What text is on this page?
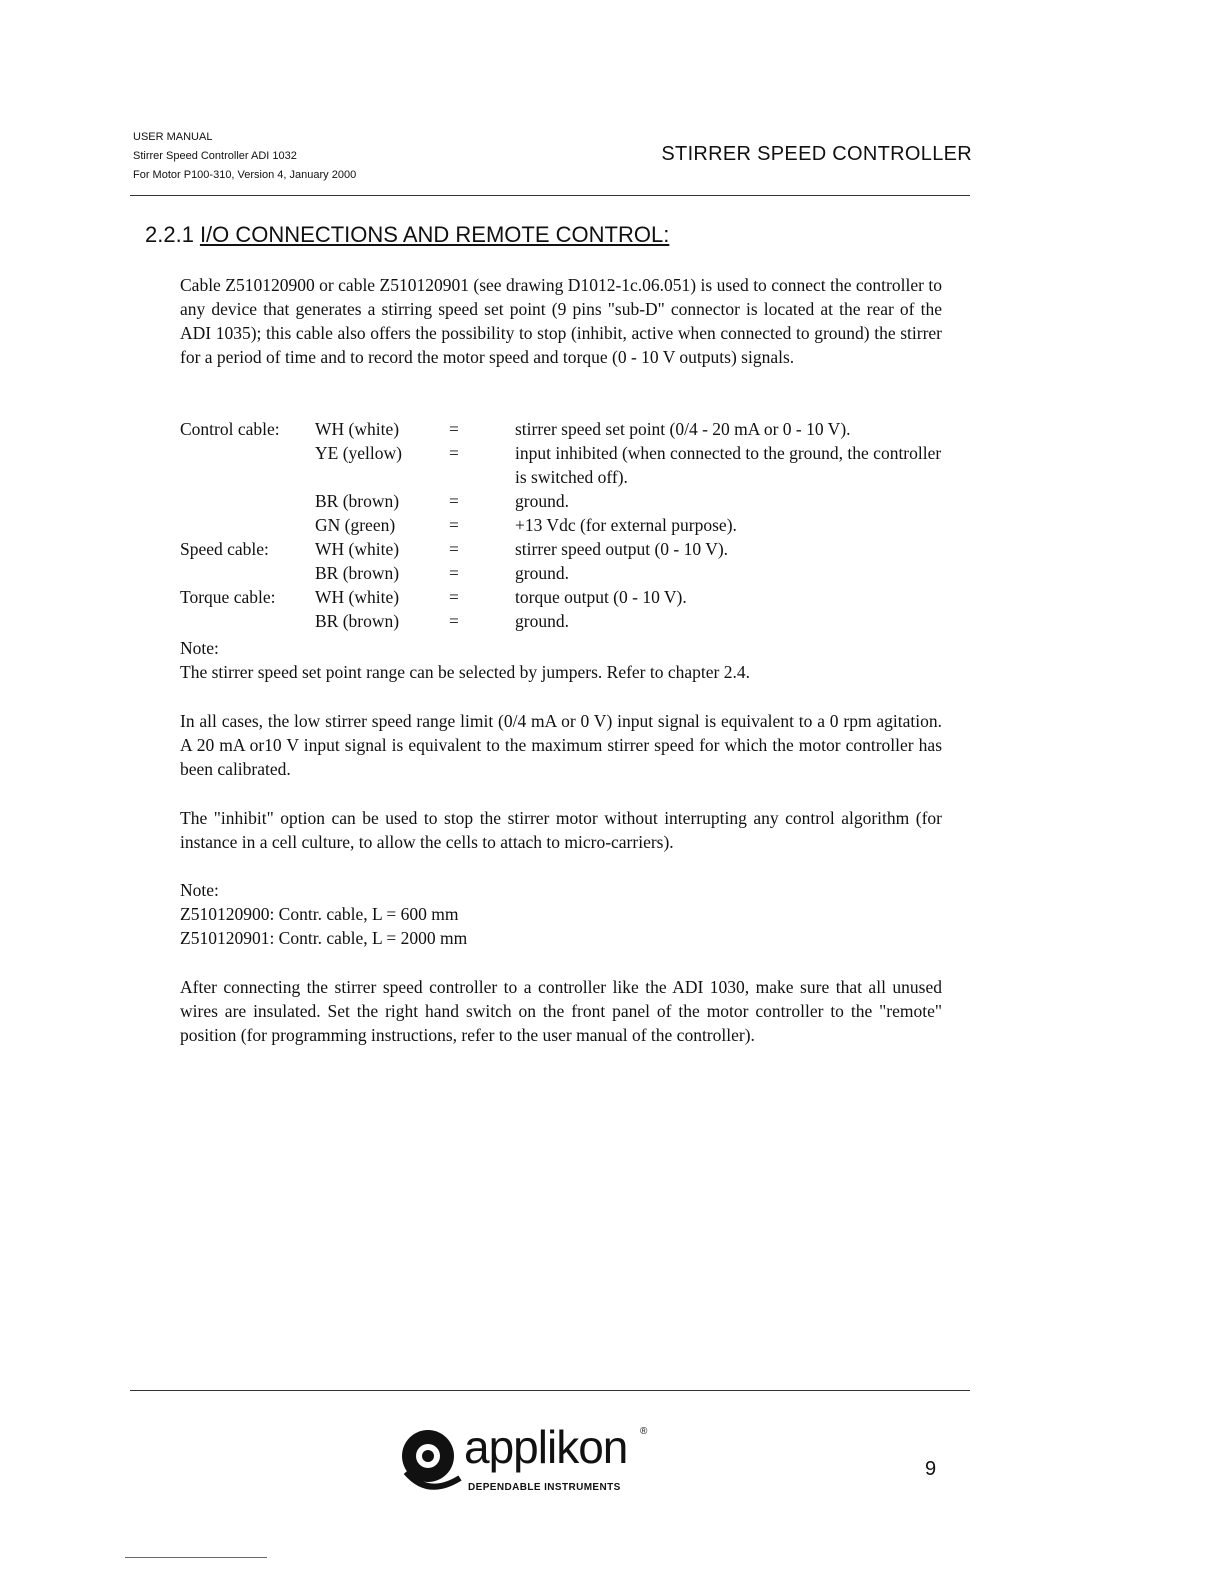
USER MANUAL
Stirrer Speed Controller ADI 1032
For Motor P100-310, Version 4, January 2000
STIRRER SPEED CONTROLLER
2.2.1 I/O CONNECTIONS AND REMOTE CONTROL:

Cable Z510120900 or cable Z510120901 (see drawing D1012-1c.06.051) is used to connect the controller to any device that generates a stirring speed set point (9 pins "sub-D" connector is located at the rear of the ADI 1035); this cable also offers the possibility to stop (inhibit, active when connected to ground) the stirrer for a period of time and to record the motor speed and torque (0 - 10 V outputs) signals.

Control cable:	WH (white)	=	stirrer speed set point (0/4 - 20 mA or 0 - 10 V).
	YE (yellow)	=	input inhibited (when connected to the ground, the controller is switched off).
	BR (brown)	=	ground.
	GN (green)	=	+13 Vdc (for external purpose).
Speed cable:	WH (white)	=	stirrer speed output (0 - 10 V).
	BR (brown)	=	ground.
Torque cable:	WH (white)	=	torque output (0 - 10 V).
	BR (brown)	=	ground.

Note:

The stirrer speed set point range can be selected by jumpers. Refer to chapter 2.4.

In all cases, the low stirrer speed range limit (0/4 mA or 0 V) input signal is equivalent to a 0 rpm agitation. A 20 mA or10 V input signal is equivalent to the maximum stirrer speed for which the motor controller has been calibrated.

The "inhibit" option can be used to stop the stirrer motor without interrupting any control algorithm (for instance in a cell culture, to allow the cells to attach to micro-carriers).

Note:

Z510120900: Contr. cable, L = 600 mm

Z510120901: Contr. cable, L = 2000 mm

After connecting the stirrer speed controller to a controller like the ADI 1030, make sure that all unused wires are insulated. Set the right hand switch on the front panel of the motor controller to the "remote" position (for programming instructions, refer to the user manual of the controller).

applikon ®
DEPENDABLE INSTRUMENTS
9
